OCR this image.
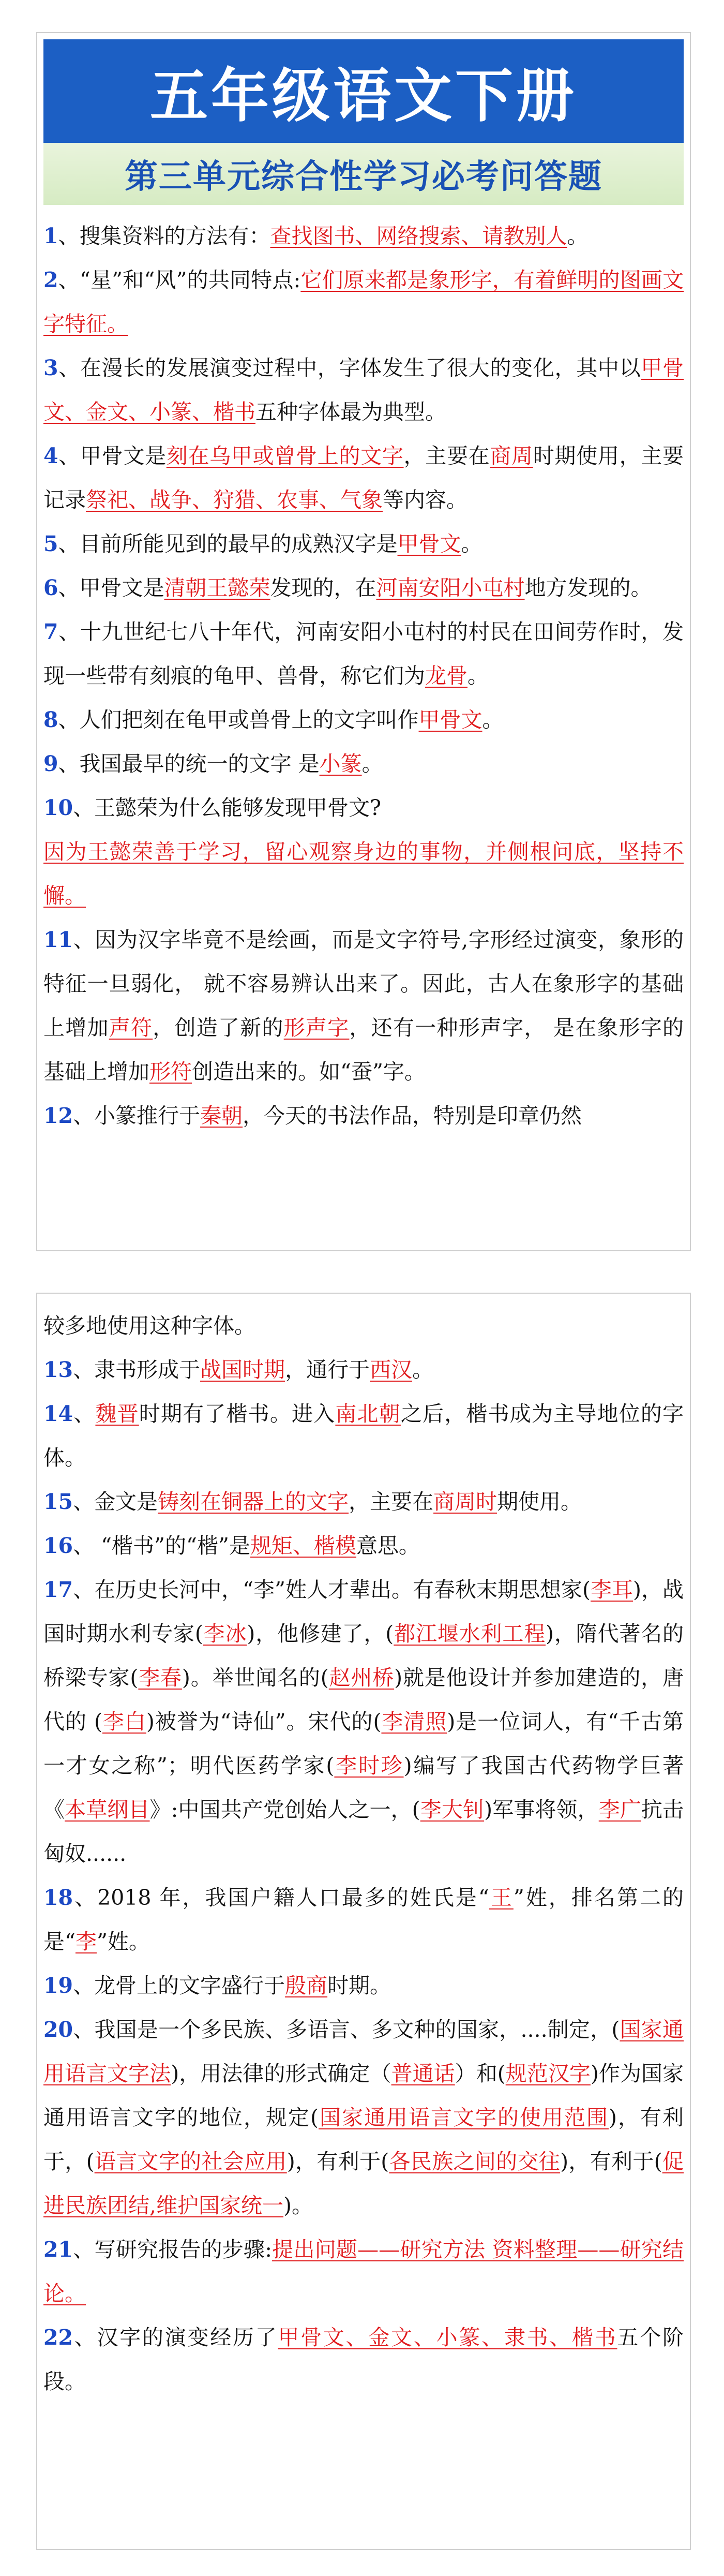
五年级语文下册
第三单元综合性学习必考问答题

1、搜集资料的方法有：查找图书、网络搜索、请教别人。

2、“星”和“风”的共同特点:它们原来都是象形字，有着鲜明的图画文字特征。

3、在漫长的发展演变过程中，字体发生了很大的变化，其中以甲骨文、金文、小篆、楷书五种字体最为典型。

4、甲骨文是刻在乌甲或曾骨上的文字，主要在商周时期使用，主要记录祭祀、战争、狩猎、农事、气象等内容。

5、目前所能见到的最早的成熟汉字是甲骨文。

6、甲骨文是清朝王懿荣发现的，在河南安阳小屯村地方发现的。

7、十九世纪七八十年代，河南安阳小屯村的村民在田间劳作时，发现一些带有刻痕的龟甲、兽骨，称它们为龙骨。

8、人们把刻在龟甲或兽骨上的文字叫作甲骨文。

9、我国最早的统一的文字 是小篆。

10、王懿荣为什么能够发现甲骨文?
因为王懿荣善于学习，留心观察身边的事物，并侧根问底，坚持不懈。

11、因为汉字毕竟不是绘画，而是文字符号,字形经过演变，象形的特征一旦弱化， 就不容易辨认出来了。因此，古人在象形字的基础上增加声符，创造了新的形声字，还有一种形声字， 是在象形字的基础上增加形符创造出来的。如“蚕”字。

12、小篆推行于秦朝，今天的书法作品，特别是印章仍然

较多地使用这种字体。

13、隶书形成于战国时期，通行于西汉。

14、魏晋时期有了楷书。进入南北朝之后，楷书成为主导地位的字体。

15、金文是铸刻在铜器上的文字，主要在商周时期使用。

16、 “楷书”的“楷”是规矩、楷模意思。

17、在历史长河中，“李”姓人才辈出。有春秋末期思想家(李耳)，战国时期水利专家(李冰)，他修建了，(都江堰水利工程)，隋代著名的桥梁专家(李春)。举世闻名的(赵州桥)就是他设计并参加建造的，唐代的 (李白)被誉为“诗仙”。宋代的(李清照)是一位词人，有“千古第一才女之称”；明代医药学家(李时珍)编写了我国古代药物学巨著《本草纲目》:中国共产党创始人之一，(李大钊)军事将领，李广抗击匈奴......

18、2018 年，我国户籍人口最多的姓氏是“王”姓，排名第二的是“李”姓。

19、龙骨上的文字盛行于殷商时期。

20、我国是一个多民族、多语言、多文种的国家，....制定，(国家通用语言文字法)，用法律的形式确定（普通话）和(规范汉字)作为国家通用语言文字的地位，规定(国家通用语言文字的使用范围)，有利于，(语言文字的社会应用)，有利于(各民族之间的交往)，有利于(促进民族团结,维护国家统一)。

21、写研究报告的步骤:提出问题——研究方法 资料整理——研究结论。

22、汉字的演变经历了甲骨文、金文、小篆、隶书、楷书五个阶段。
